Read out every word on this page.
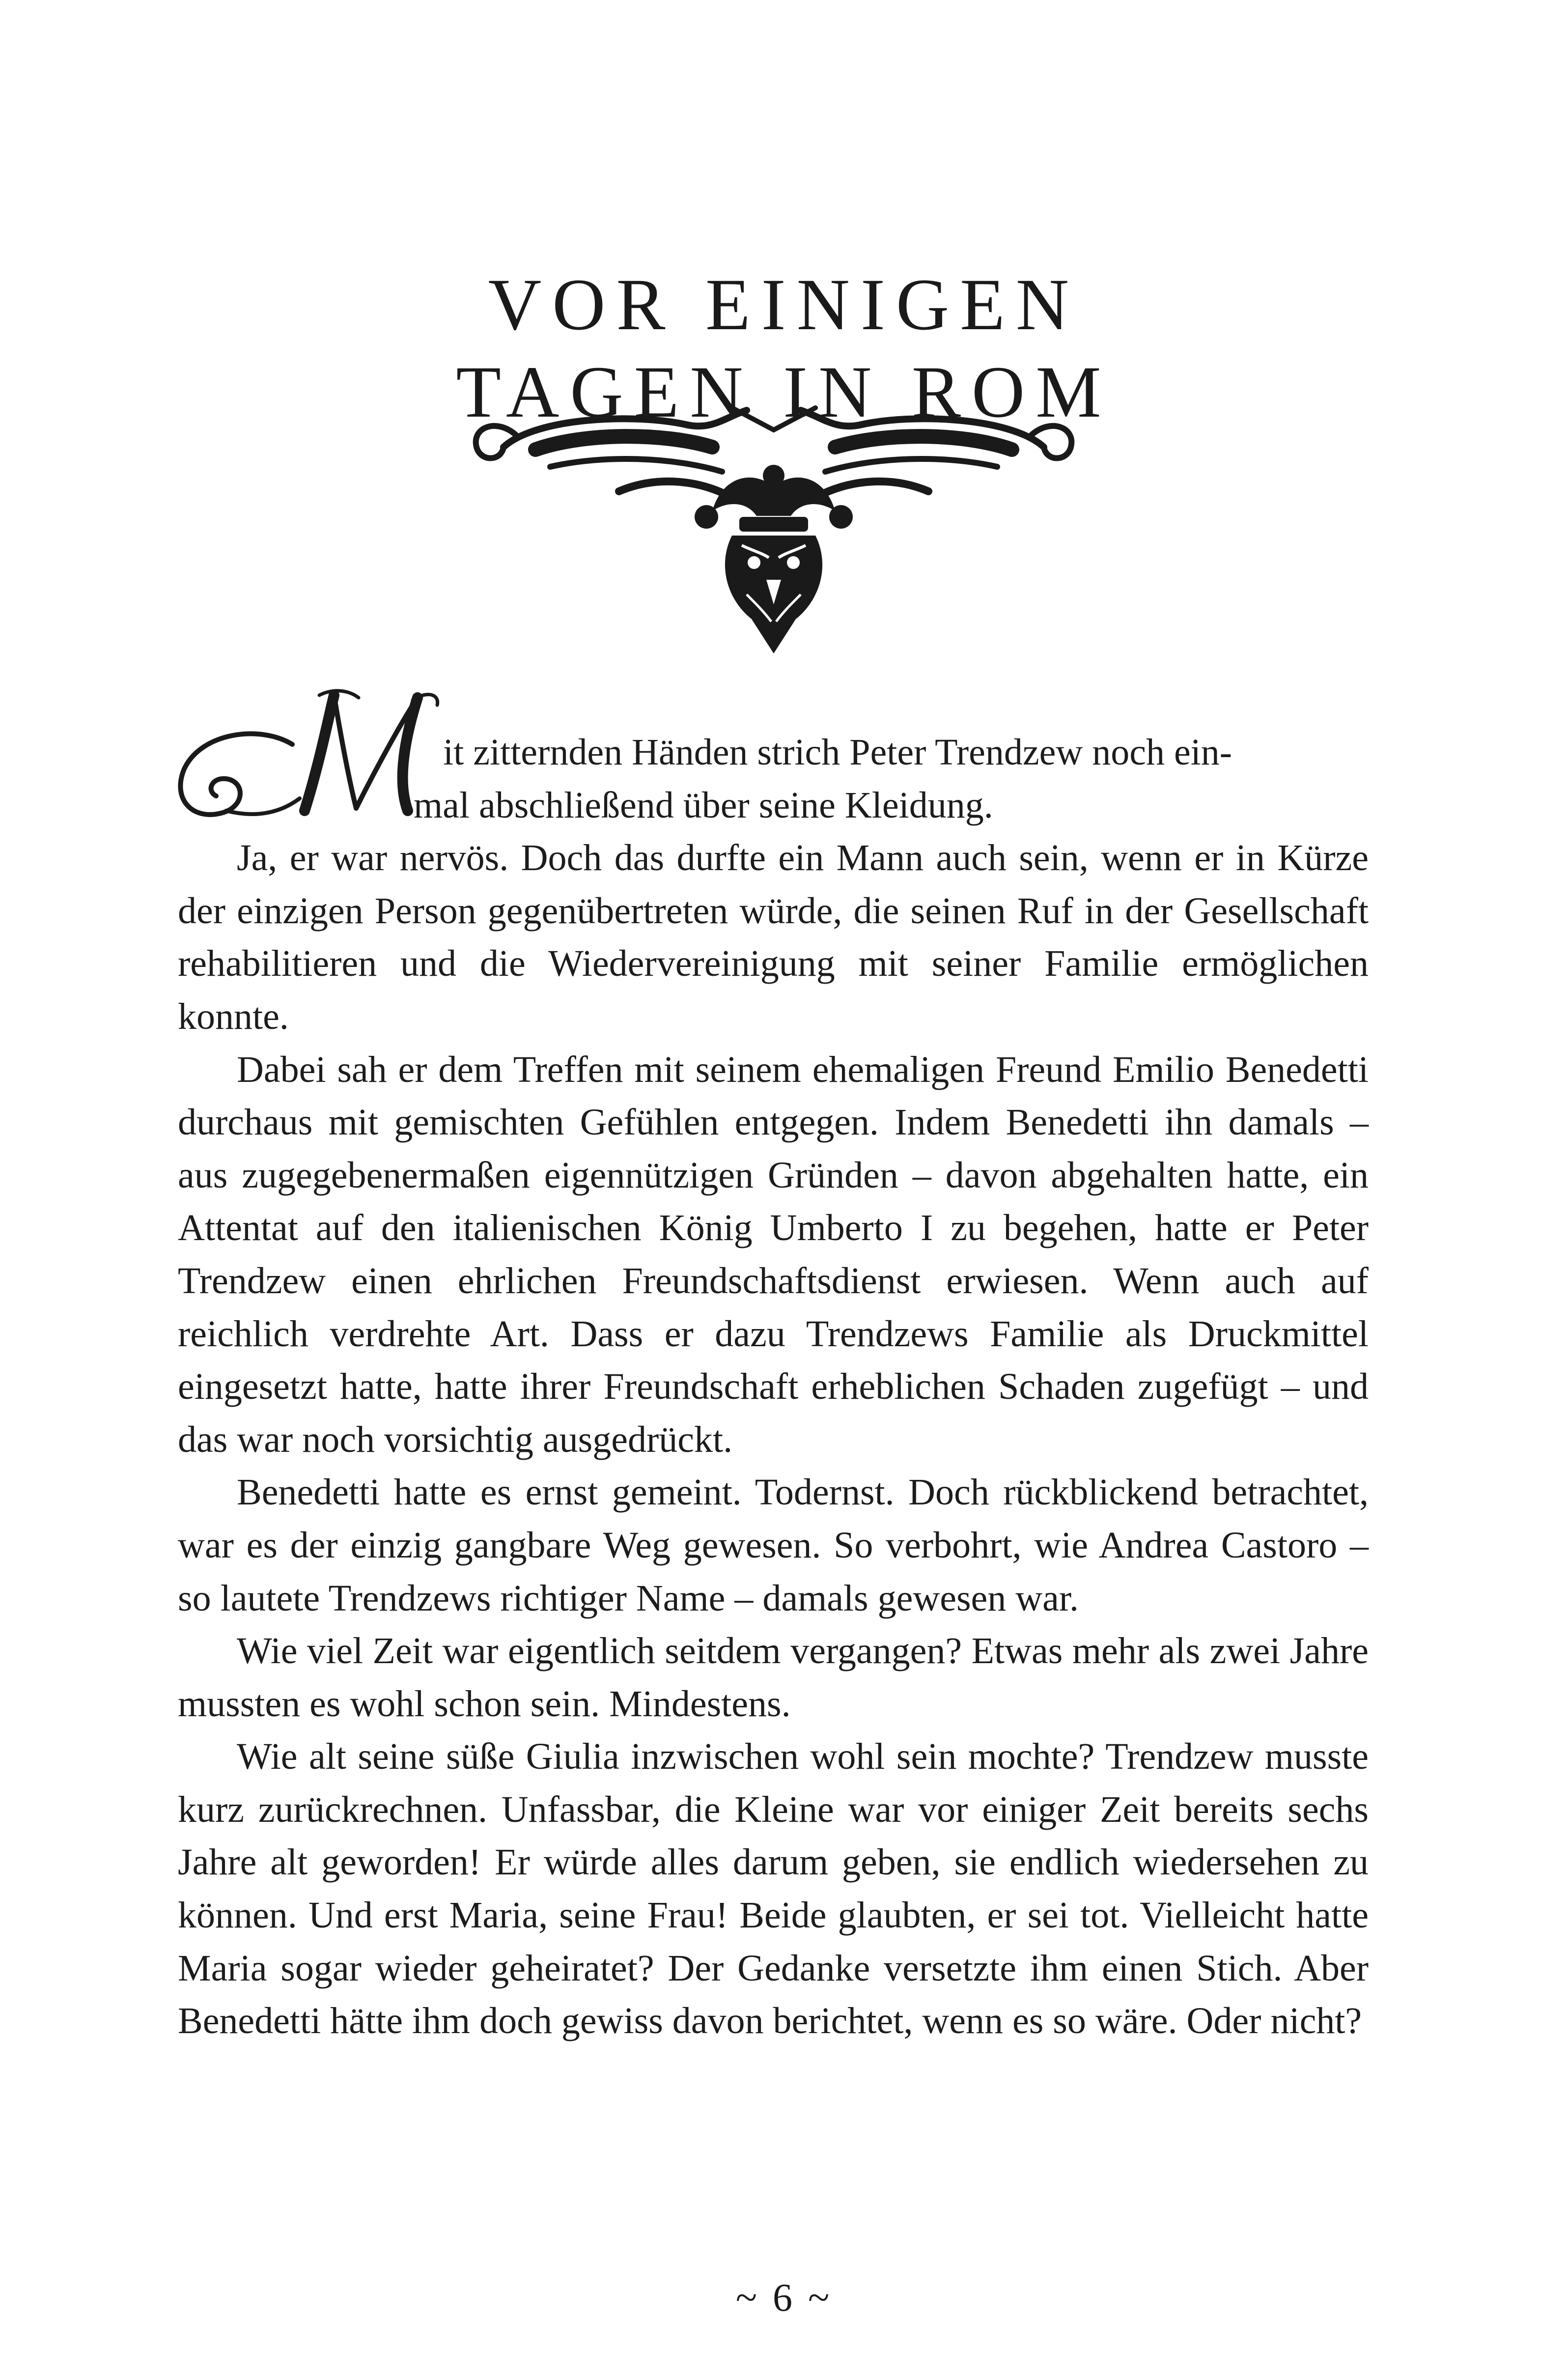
VOR EINIGEN
TAGEN IN ROM

it zitternden Händen strich Peter Trendzew noch ein-
mal abschließend über seine Kleidung.

Ja, er war nervös. Doch das durfte ein Mann auch sein, wenn er in Kürze der einzigen Person gegenübertreten würde, die seinen Ruf in der Gesellschaft rehabilitieren und die Wiedervereinigung mit seiner Familie ermöglichen konnte.

Dabei sah er dem Treffen mit seinem ehemaligen Freund Emilio Benedetti durchaus mit gemischten Gefühlen entgegen. Indem Benedetti ihn damals – aus zugegebenermaßen eigennützigen Gründen – davon abgehalten hatte, ein Attentat auf den italienischen König Umberto I zu begehen, hatte er Peter Trendzew einen ehrlichen Freundschaftsdienst erwiesen. Wenn auch auf reichlich verdrehte Art. Dass er dazu Trendzews Familie als Druckmittel eingesetzt hatte, hatte ihrer Freundschaft erheblichen Schaden zugefügt – und das war noch vorsichtig ausgedrückt.

Benedetti hatte es ernst gemeint. Todernst. Doch rückblickend betrachtet, war es der einzig gangbare Weg gewesen. So verbohrt, wie Andrea Castoro – so lautete Trendzews richtiger Name – damals gewesen war.

Wie viel Zeit war eigentlich seitdem vergangen? Etwas mehr als zwei Jahre mussten es wohl schon sein. Mindestens.

Wie alt seine süße Giulia inzwischen wohl sein mochte? Trendzew musste kurz zurückrechnen. Unfassbar, die Kleine war vor einiger Zeit bereits sechs Jahre alt geworden! Er würde alles darum geben, sie endlich wiedersehen zu können. Und erst Maria, seine Frau! Beide glaubten, er sei tot. Vielleicht hatte Maria sogar wieder geheiratet? Der Gedanke versetzte ihm einen Stich. Aber Benedetti hätte ihm doch gewiss davon berichtet, wenn es so wäre. Oder nicht?

~ 6 ~
